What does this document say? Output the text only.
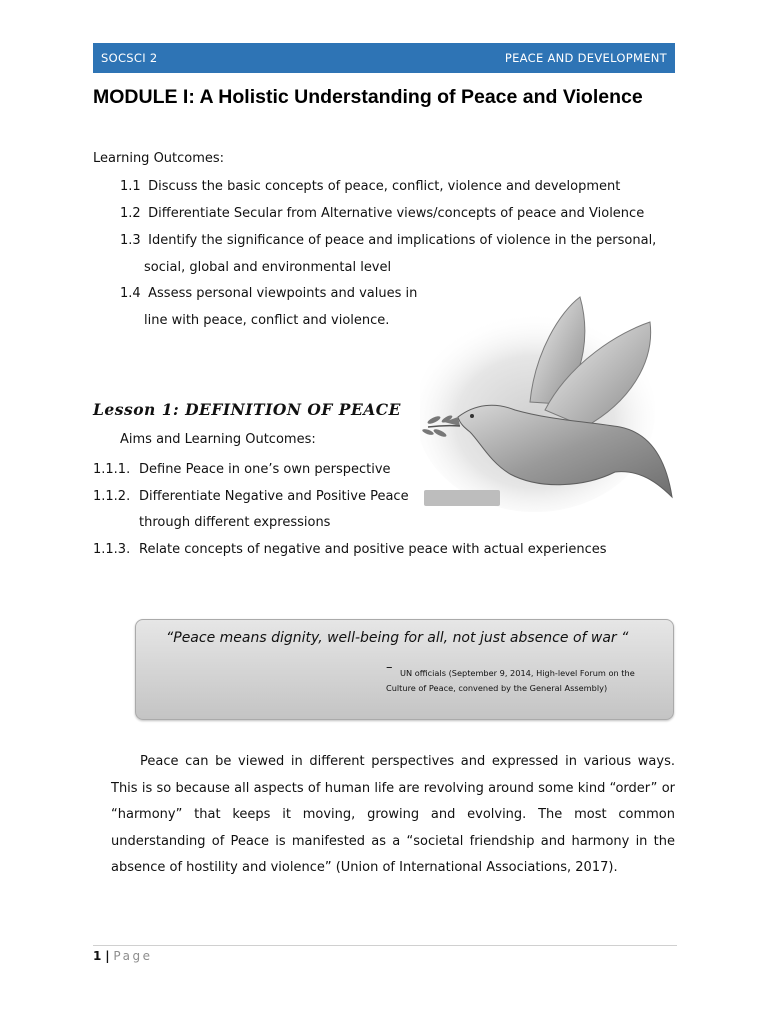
SOCSCI 2	PEACE AND DEVELOPMENT
MODULE I: A Holistic Understanding of Peace and Violence
Learning Outcomes:
1.1 Discuss the basic concepts of peace, conflict, violence and development
1.2 Differentiate Secular from Alternative views/concepts of peace and Violence
1.3 Identify the significance of peace and implications of violence in the personal,
social, global and environmental level
1.4 Assess personal viewpoints and values in
line with peace, conflict and violence.
Lesson 1: DEFINITION OF PEACE
Aims and Learning Outcomes:
1.1.1. Define Peace in one’s own perspective
1.1.2. Differentiate Negative and Positive Peace
through different expressions
1.1.3. Relate concepts of negative and positive peace with actual experiences
“Peace means dignity, well-being for all, not just absence of war “
– UN officials (September 9, 2014, High-level Forum on the
Culture of Peace, convened by the General Assembly)

Peace can be viewed in different perspectives and expressed in various ways. This is so because all aspects of human life are revolving around some kind “order” or “harmony” that keeps it moving, growing and evolving. The most common understanding of Peace is manifested as a “societal friendship and harmony in the absence of hostility and violence” (Union of International Associations, 2017).

1 | Page
